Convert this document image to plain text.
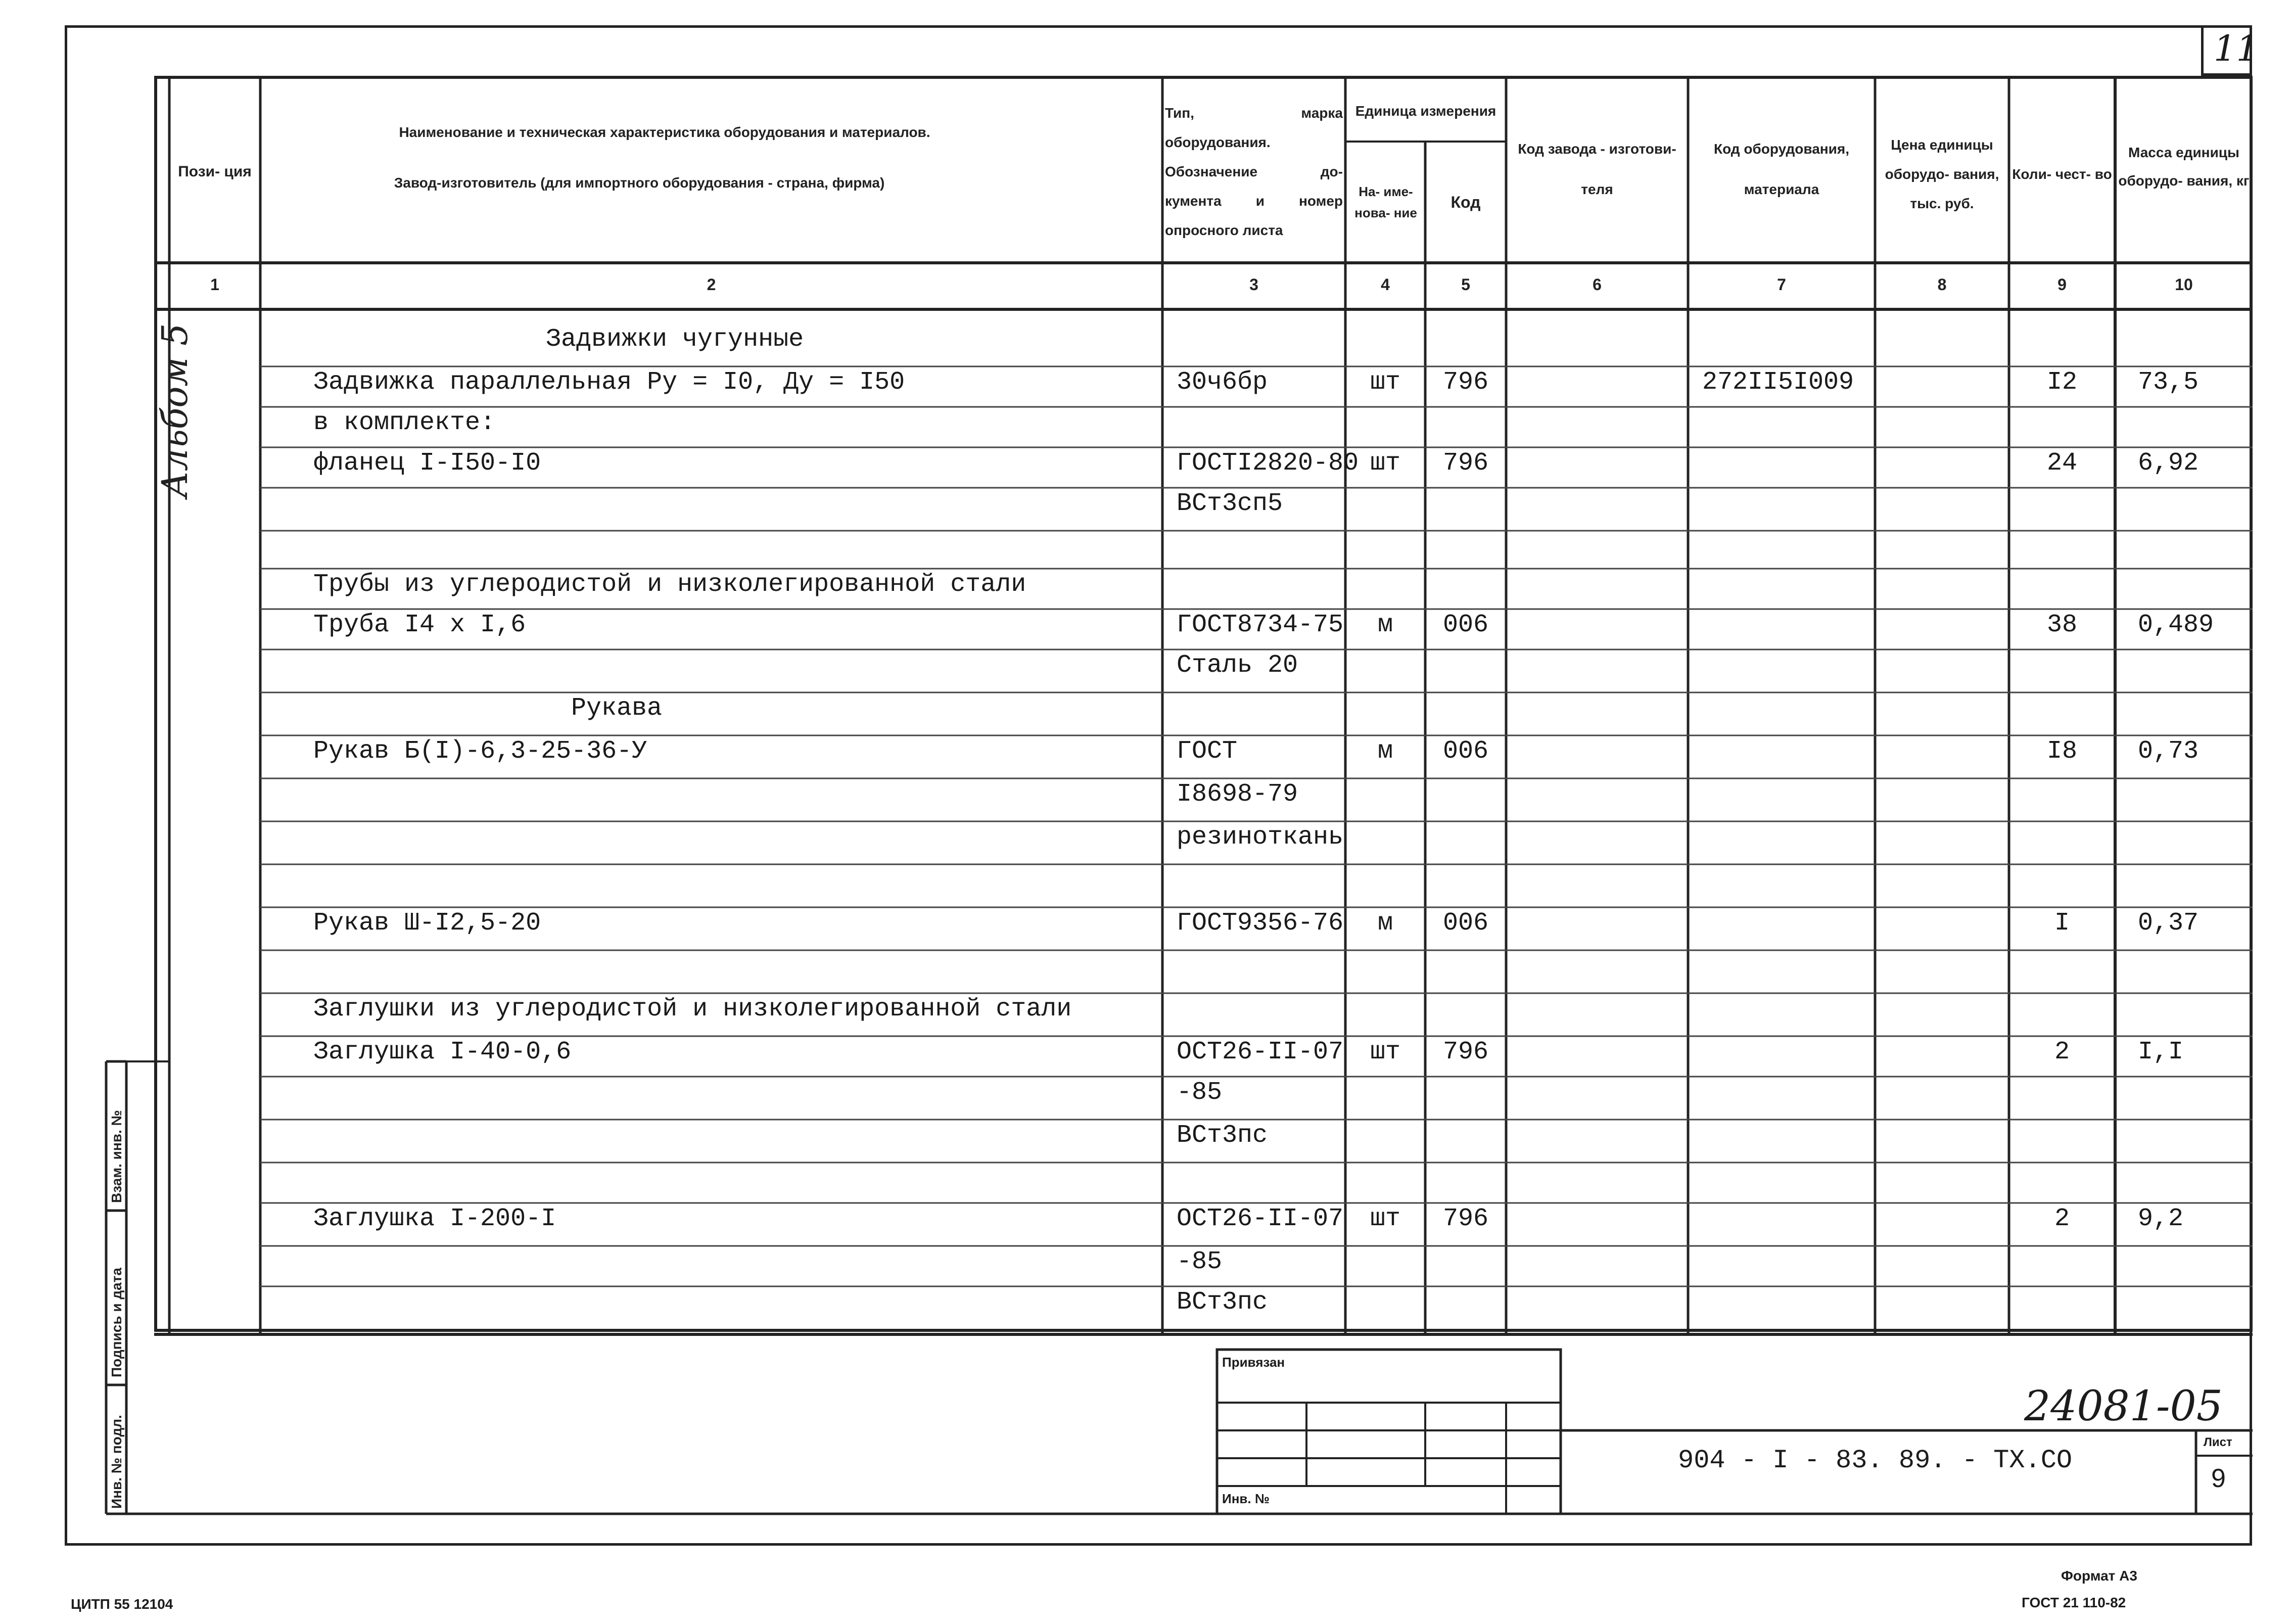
11
Альбом 5
Пози- ция
Наименование и техническая характеристика оборудования и материалов.
Завод-изготовитель (для импортного оборудования - страна, фирма)
Тип, марка оборудования. Обозначение до- кумента и номер опросного листа
Единица измерения
На- име- нова- ние
Код
Код завода - изготови- теля
Код оборудования, материала
Цена единицы оборудо- вания, тыс. руб.
Коли- чест- во
Масса единицы оборудо- вания, кг
1	2	3	4	5	6	7	8	9	10
Задвижки чугунные
Задвижка параллельная Ру = I0, Ду = I50	30ч6бр	шт	796	272II5I009	I2	73,5
в комплекте:
фланец I-I50-I0	ГОСТI2820-80 шт	796	24	6,92
ВСт3сп5
Трубы из углеродистой и низколегированной стали
Труба I4 х I,6	ГОСТ8734-75	м	006	38	0,489
Сталь 20
Рукава
Рукав Б(I)-6,3-25-36-У	ГОСТ	м	006	I8	0,73
I8698-79
резиноткань
Рукав Ш-I2,5-20	ГОСТ9356-76	м	006	I	0,37
Заглушки из углеродистой и низколегированной стали
Заглушка I-40-0,6	ОСТ26-II-07	шт	796	2	I,I
-85
ВСт3пс
Заглушка I-200-I	ОСТ26-II-07	шт	796	2	9,2
-85
ВСт3пс
Взам. инв. №
Подпись и дата
Инв. № подл.
Привязан
Инв. №
24081-05
904 - I - 83. 89. - ТХ.СО
Лист
9
ЦИТП 55 12104
Формат А3
ГОСТ 21 110-82
